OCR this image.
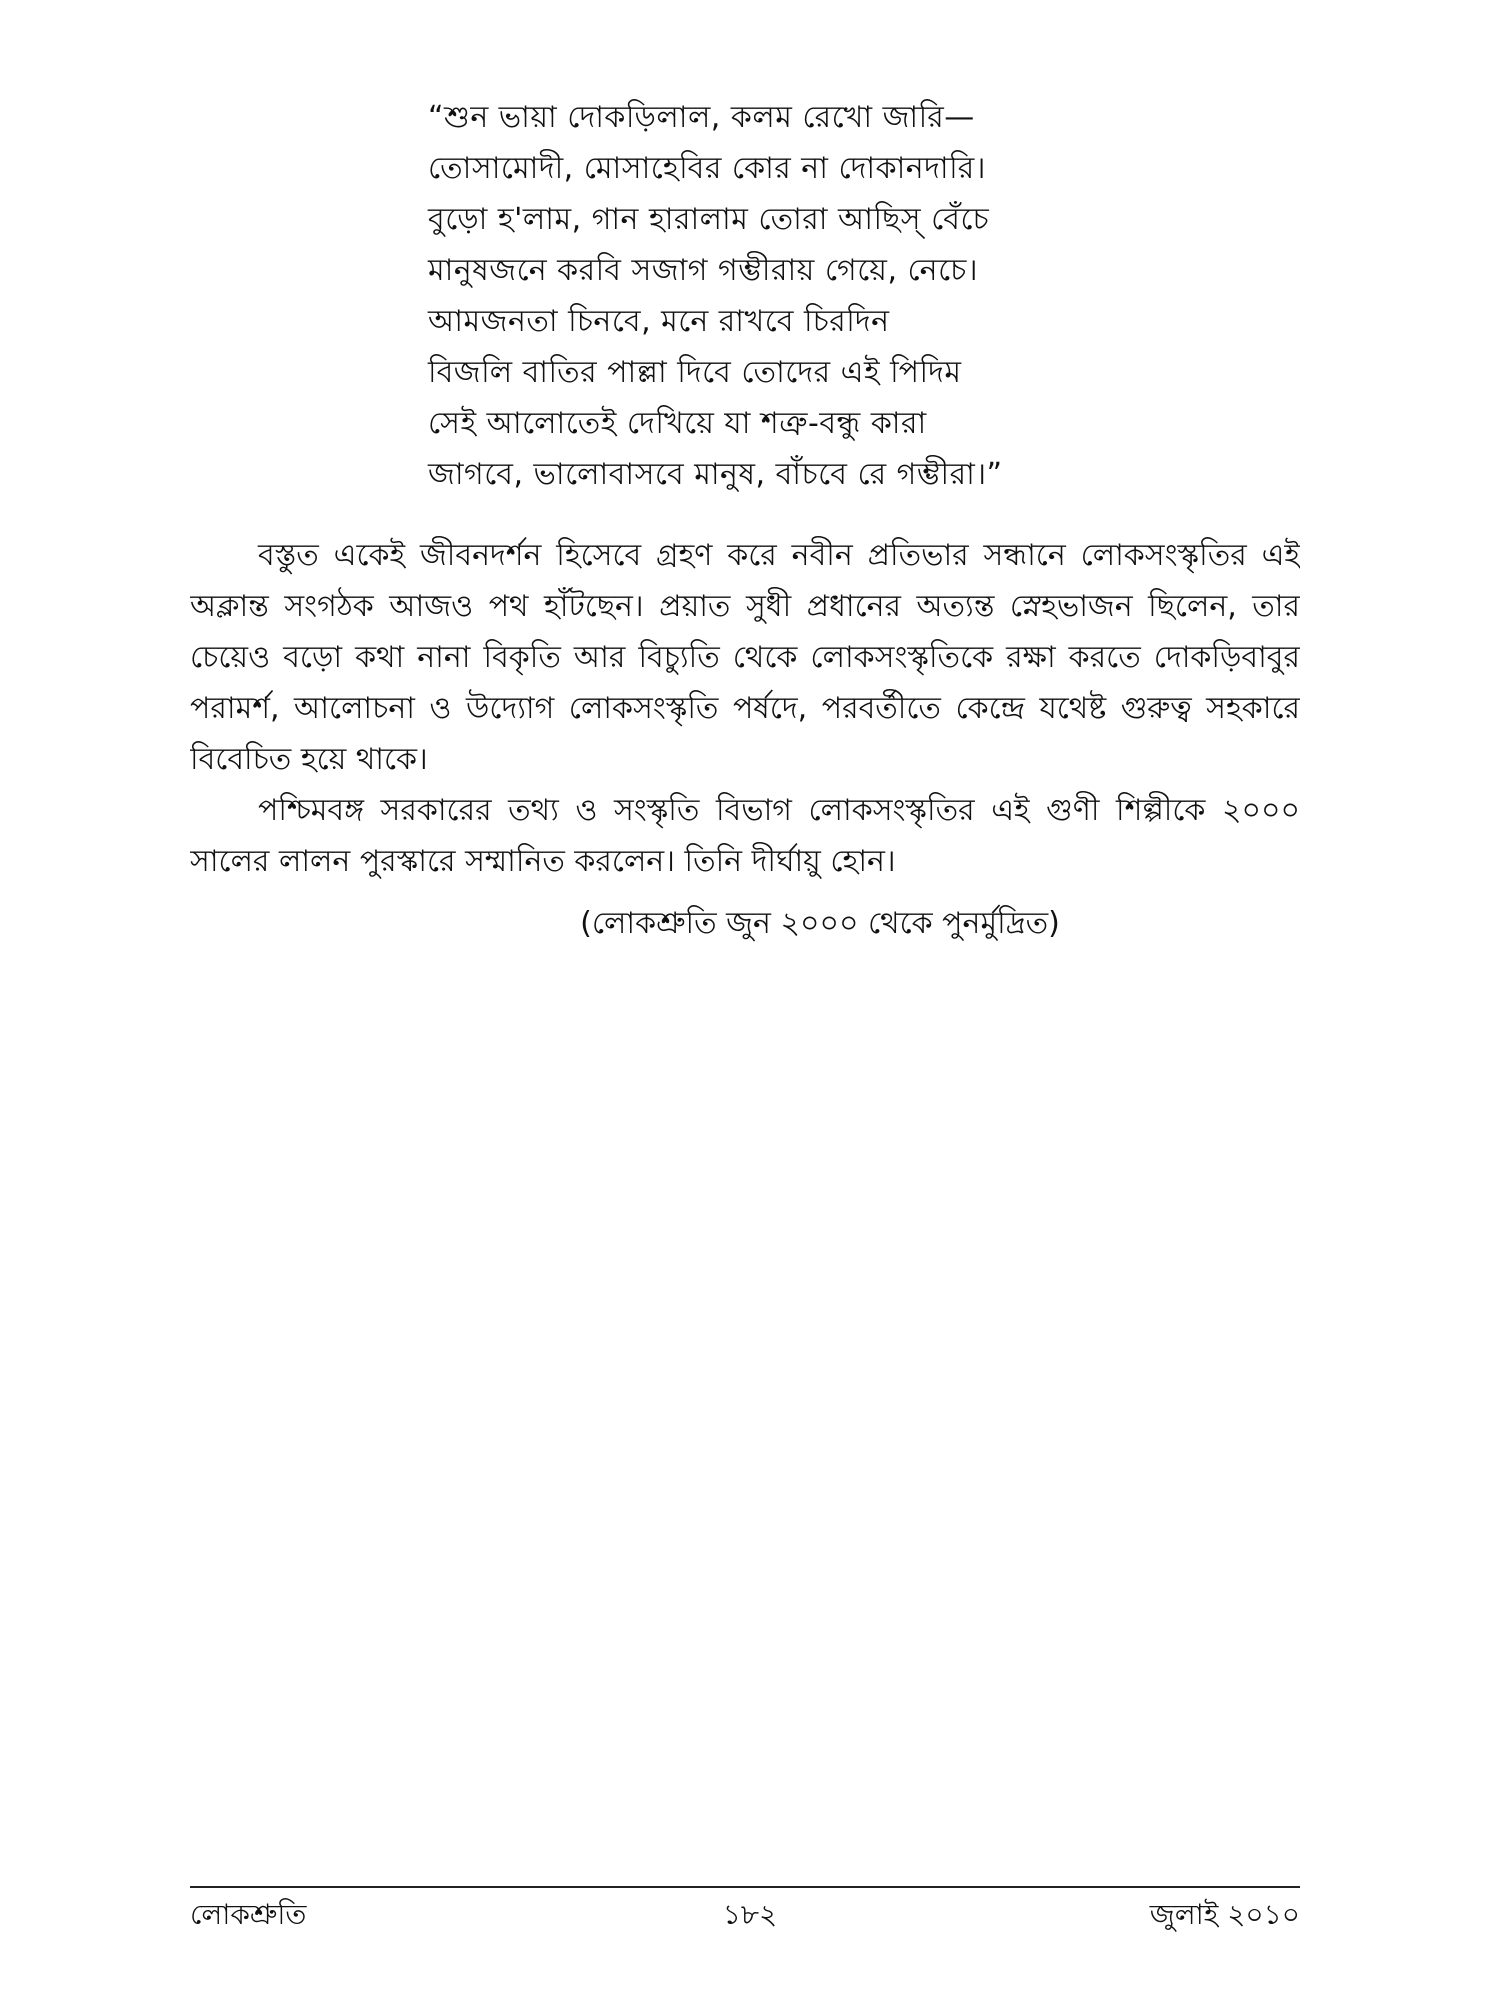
“শুন ভায়া দোকড়িলাল, কলম রেখো জারি—
তোসামোদী, মোসাহেবির কোর না দোকানদারি।
বুড়ো হ'লাম, গান হারালাম তোরা আছিস্ বেঁচে
মানুষজনে করবি সজাগ গম্ভীরায় গেয়ে, নেচে।
আমজনতা চিনবে, মনে রাখবে চিরদিন
বিজলি বাতির পাল্লা দিবে তোদের এই পিদিম
সেই আলোতেই দেখিয়ে যা শত্রু-বন্ধু কারা
জাগবে, ভালোবাসবে মানুষ, বাঁচবে রে গম্ভীরা।”

বস্তুত একেই জীবনদর্শন হিসেবে গ্রহণ করে নবীন প্রতিভার সন্ধানে লোকসংস্কৃতির এই অক্লান্ত সংগঠক আজও পথ হাঁটছেন। প্রয়াত সুধী প্রধানের অত্যন্ত স্নেহভাজন ছিলেন, তার চেয়েও বড়ো কথা নানা বিকৃতি আর বিচ্যুতি থেকে লোকসংস্কৃতিকে রক্ষা করতে দোকড়িবাবুর পরামর্শ, আলোচনা ও উদ্যোগ লোকসংস্কৃতি পর্ষদে, পরবর্তীতে কেন্দ্রে যথেষ্ট গুরুত্ব সহকারে বিবেচিত হয়ে থাকে।

পশ্চিমবঙ্গ সরকারের তথ্য ও সংস্কৃতি বিভাগ লোকসংস্কৃতির এই গুণী শিল্পীকে ২০০০ সালের লালন পুরস্কারে সম্মানিত করলেন। তিনি দীর্ঘায়ু হোন।

(লোকশ্রুতি জুন ২০০০ থেকে পুনর্মুদ্রিত)
লোকশ্রুতি	১৮২	জুলাই ২০১০
